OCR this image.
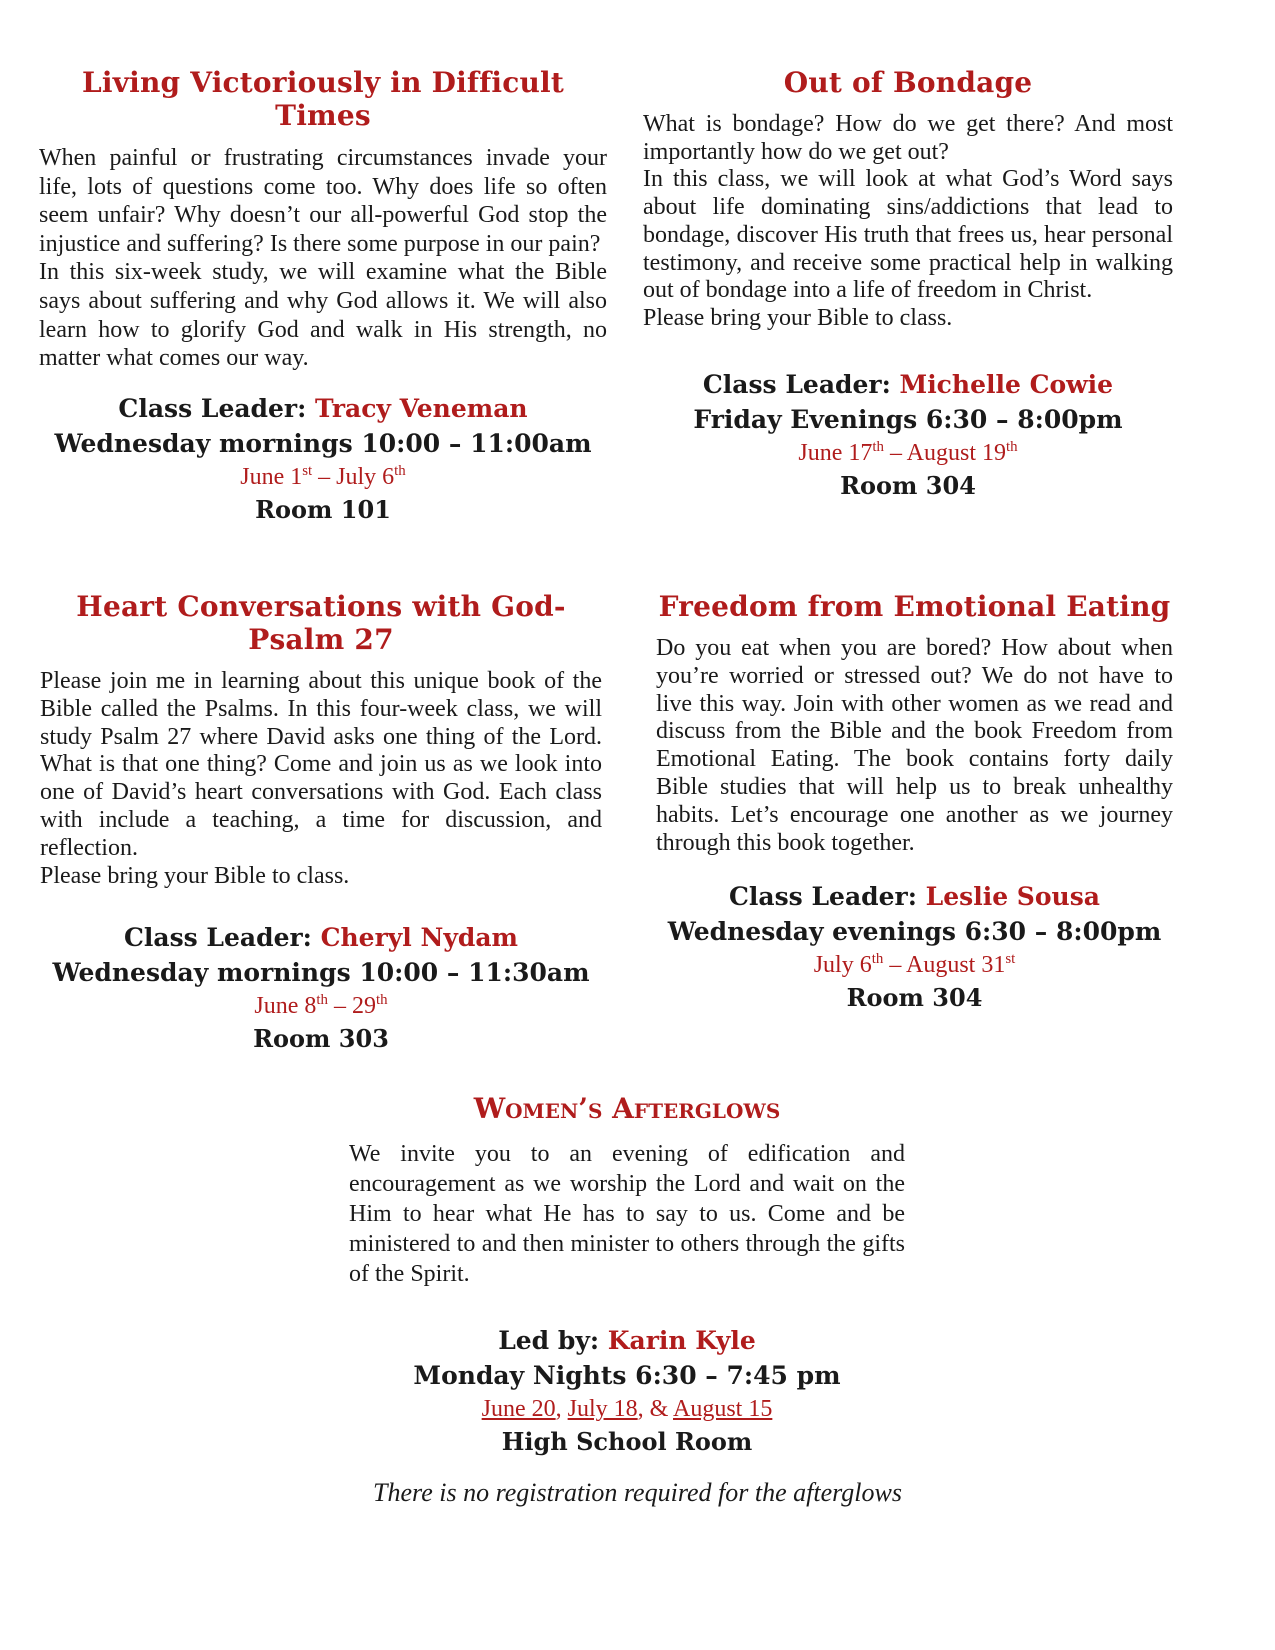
Living Victoriously in Difficult Times

When painful or frustrating circumstances invade your life, lots of questions come too. Why does life so often seem unfair? Why doesn’t our all-powerful God stop the injustice and suffering? Is there some purpose in our pain?

In this six-week study, we will examine what the Bible says about suffering and why God allows it. We will also learn how to glorify God and walk in His strength, no matter what comes our way.

Class Leader: Tracy Veneman
Wednesday mornings 10:00 – 11:00am
June 1st – July 6th
Room 101
Out of Bondage

What is bondage? How do we get there? And most importantly how do we get out?

In this class, we will look at what God’s Word says about life dominating sins/addictions that lead to bondage, discover His truth that frees us, hear personal testimony, and receive some practical help in walking out of bondage into a life of freedom in Christ.

Please bring your Bible to class.

Class Leader: Michelle Cowie
Friday Evenings 6:30 – 8:00pm
June 17th – August 19th
Room 304
Heart Conversations with God-Psalm 27

Please join me in learning about this unique book of the Bible called the Psalms. In this four-week class, we will study Psalm 27 where David asks one thing of the Lord. What is that one thing? Come and join us as we look into one of David’s heart conversations with God. Each class with include a teaching, a time for discussion, and reflection.

Please bring your Bible to class.

Class Leader: Cheryl Nydam
Wednesday mornings 10:00 – 11:30am
June 8th – 29th
Room 303
Freedom from Emotional Eating

Do you eat when you are bored? How about when you’re worried or stressed out? We do not have to live this way. Join with other women as we read and discuss from the Bible and the book Freedom from Emotional Eating. The book contains forty daily Bible studies that will help us to break unhealthy habits. Let’s encourage one another as we journey through this book together.

Class Leader: Leslie Sousa
Wednesday evenings 6:30 – 8:00pm
July 6th – August 31st
Room 304
Women’s Afterglows
We invite you to an evening of edification and encouragement as we worship the Lord and wait on the Him to hear what He has to say to us. Come and be ministered to and then minister to others through the gifts of the Spirit.
Led by: Karin Kyle
Monday Nights 6:30 – 7:45 pm
June 20, July 18, & August 15
High School Room
There is no registration required for the afterglows
